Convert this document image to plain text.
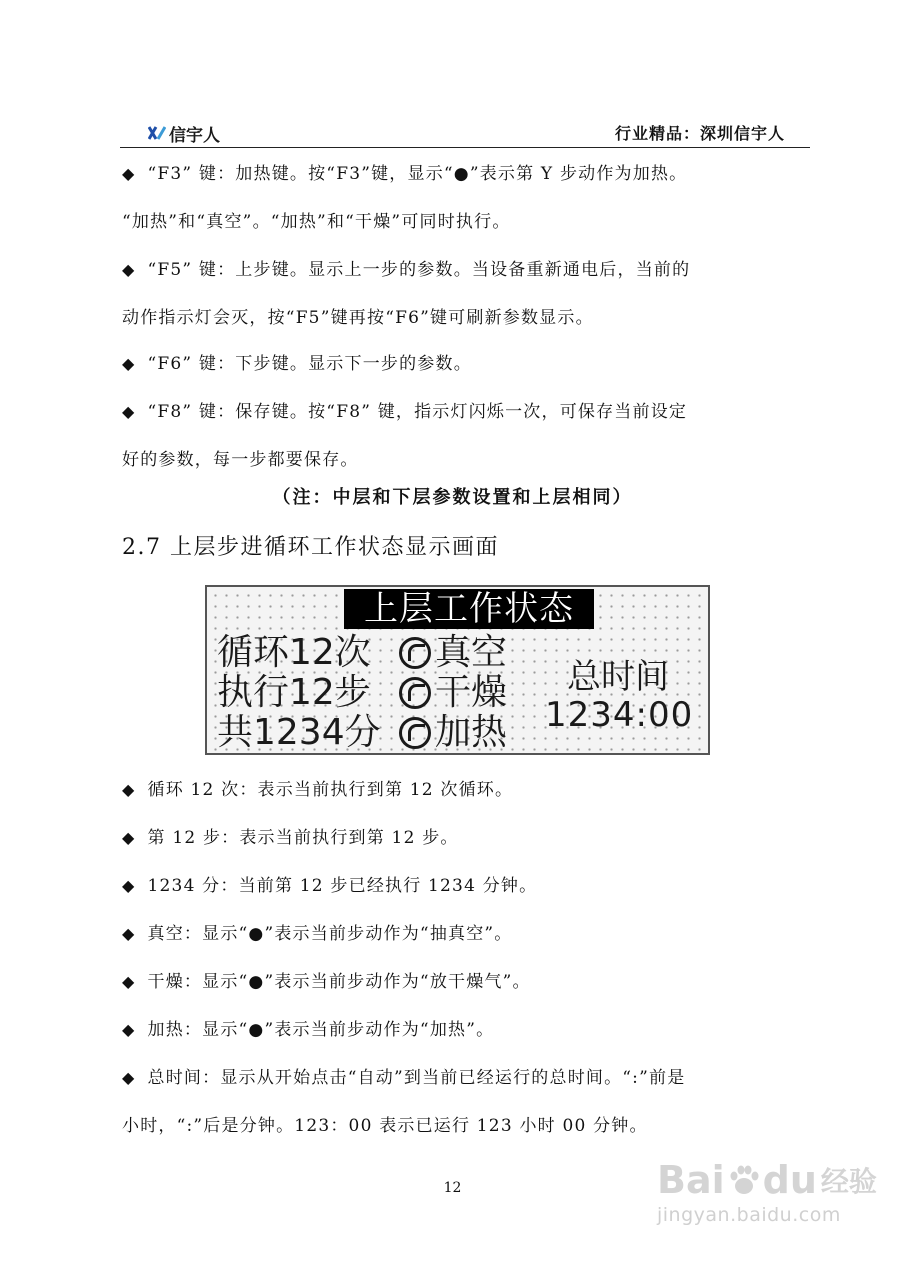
信宇人	行业精品：深圳信宇人
◆ “F3” 键：加热键。按“F3”键，显示“●”表示第 Y 步动作为加热。
“加热”和“真空”。“加热”和“干燥”可同时执行。
◆ “F5” 键：上步键。显示上一步的参数。当设备重新通电后，当前的
动作指示灯会灭，按“F5”键再按“F6”键可刷新参数显示。
◆ “F6” 键：下步键。显示下一步的参数。
◆ “F8” 键：保存键。按“F8” 键，指示灯闪烁一次，可保存当前设定
好的参数，每一步都要保存。
（注：中层和下层参数设置和上层相同）
2.7 上层步进循环工作状态显示画面
上层工作状态
循环12次 真空
执行12步 干燥
共1234分 加热
总时间
1234:00
◆ 循环 12 次：表示当前执行到第 12 次循环。
◆ 第 12 步：表示当前执行到第 12 步。
◆ 1234 分：当前第 12 步已经执行 1234 分钟。
◆ 真空：显示“●”表示当前步动作为“抽真空”。
◆ 干燥：显示“●”表示当前步动作为“放干燥气”。
◆ 加热：显示“●”表示当前步动作为“加热”。
◆ 总时间：显示从开始点击“自动”到当前已经运行的总时间。“:”前是
小时，“:”后是分钟。123：00 表示已运行 123 小时 00 分钟。
12	Bai du 经验
jingyan.baidu.com
